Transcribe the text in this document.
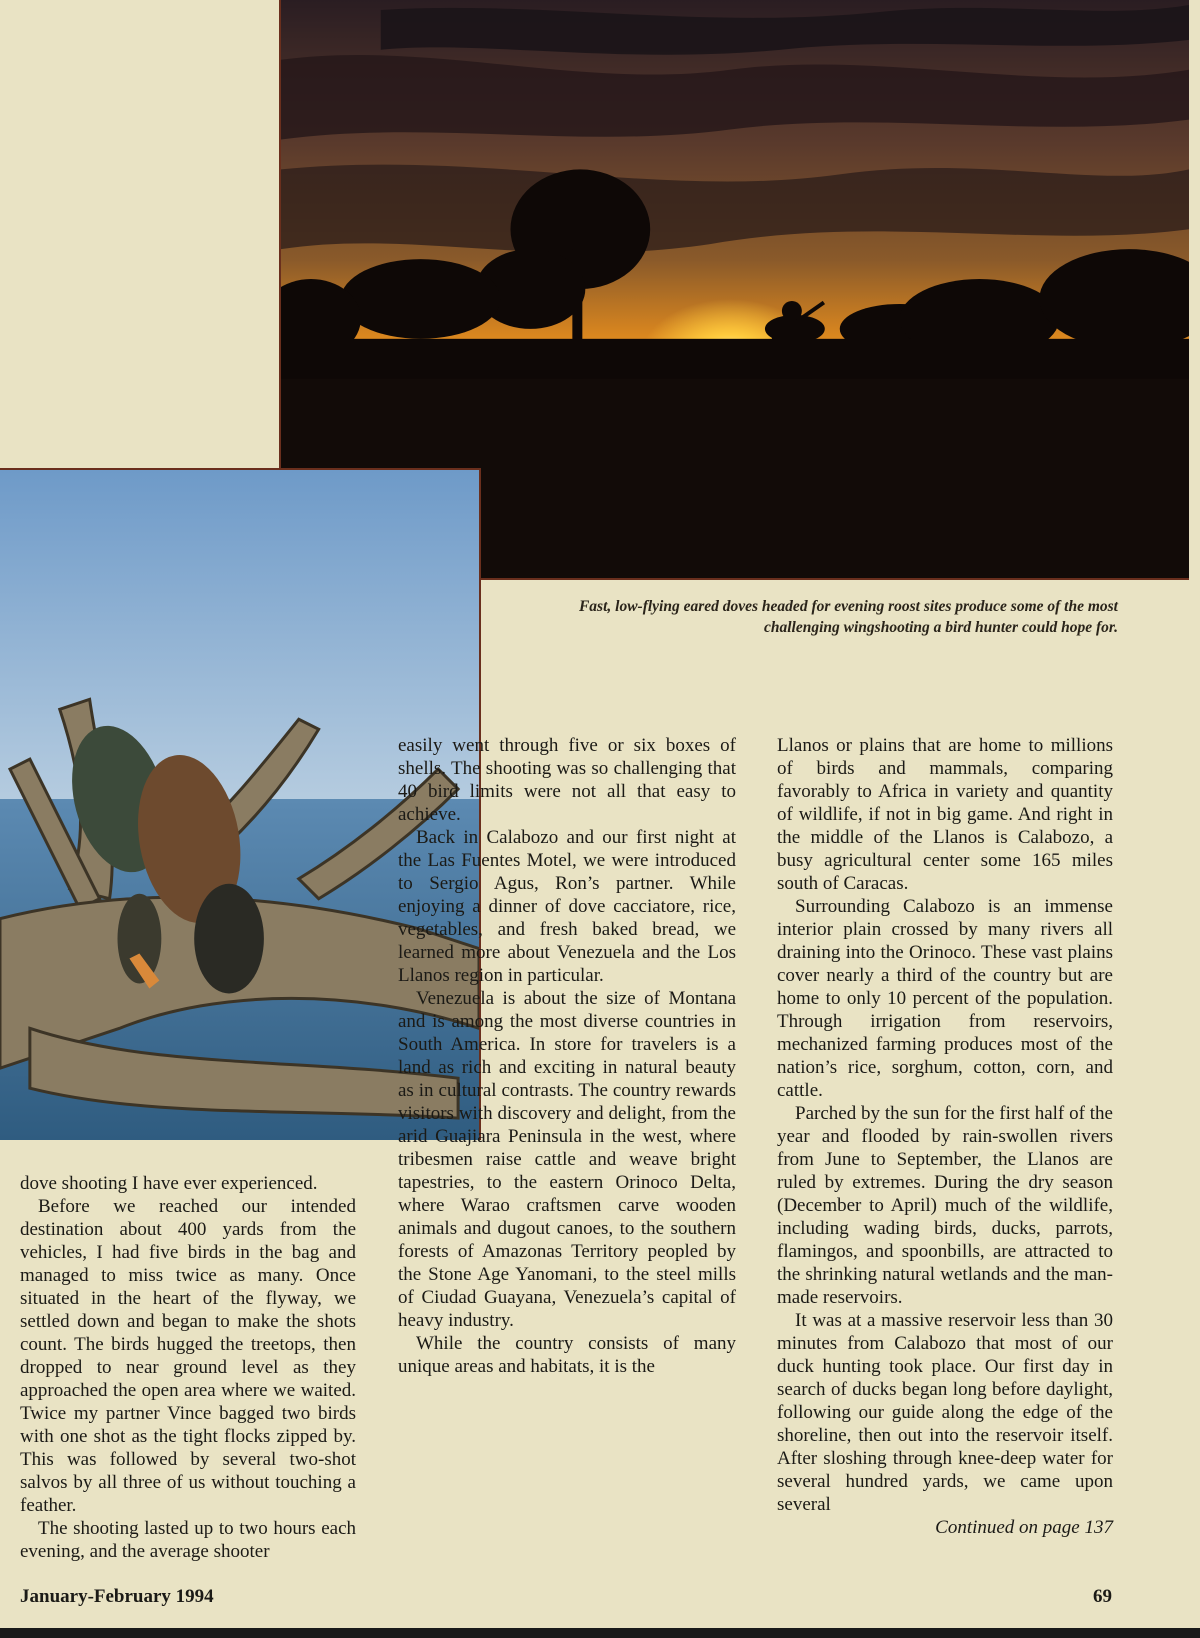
Fast, low-flying eared doves headed for evening roost sites produce some of the most challenging wingshooting a bird hunter could hope for.

dove shooting I have ever experienced.

Before we reached our intended destination about 400 yards from the vehicles, I had five birds in the bag and managed to miss twice as many. Once situated in the heart of the flyway, we settled down and began to make the shots count. The birds hugged the treetops, then dropped to near ground level as they approached the open area where we waited. Twice my partner Vince bagged two birds with one shot as the tight flocks zipped by. This was followed by several two-shot salvos by all three of us without touching a feather.

The shooting lasted up to two hours each evening, and the average shooter

easily went through five or six boxes of shells. The shooting was so challenging that 40 bird limits were not all that easy to achieve.

Back in Calabozo and our first night at the Las Fuentes Motel, we were introduced to Sergio Agus, Ron’s partner. While enjoying a dinner of dove cacciatore, rice, vegetables, and fresh baked bread, we learned more about Venezuela and the Los Llanos region in particular.

Venezuela is about the size of Montana and is among the most diverse countries in South America. In store for travelers is a land as rich and exciting in natural beauty as in cultural contrasts. The country rewards visitors with discovery and delight, from the arid Guajiara Peninsula in the west, where tribesmen raise cattle and weave bright tapestries, to the eastern Orinoco Delta, where Warao craftsmen carve wooden animals and dugout canoes, to the southern forests of Amazonas Territory peopled by the Stone Age Yanomani, to the steel mills of Ciudad Guayana, Venezuela’s capital of heavy industry.

While the country consists of many unique areas and habitats, it is the

Llanos or plains that are home to millions of birds and mammals, comparing favorably to Africa in variety and quantity of wildlife, if not in big game. And right in the middle of the Llanos is Calabozo, a busy agricultural center some 165 miles south of Caracas.

Surrounding Calabozo is an immense interior plain crossed by many rivers all draining into the Orinoco. These vast plains cover nearly a third of the country but are home to only 10 percent of the population. Through irrigation from reservoirs, mechanized farming produces most of the nation’s rice, sorghum, cotton, corn, and cattle.

Parched by the sun for the first half of the year and flooded by rain-swollen rivers from June to September, the Llanos are ruled by extremes. During the dry season (December to April) much of the wildlife, including wading birds, ducks, parrots, flamingos, and spoonbills, are attracted to the shrinking natural wetlands and the man-made reservoirs.

It was at a massive reservoir less than 30 minutes from Calabozo that most of our duck hunting took place. Our first day in search of ducks began long before daylight, following our guide along the edge of the shoreline, then out into the reservoir itself. After sloshing through knee-deep water for several hundred yards, we came upon several

Continued on page 137
January-February 1994	69
